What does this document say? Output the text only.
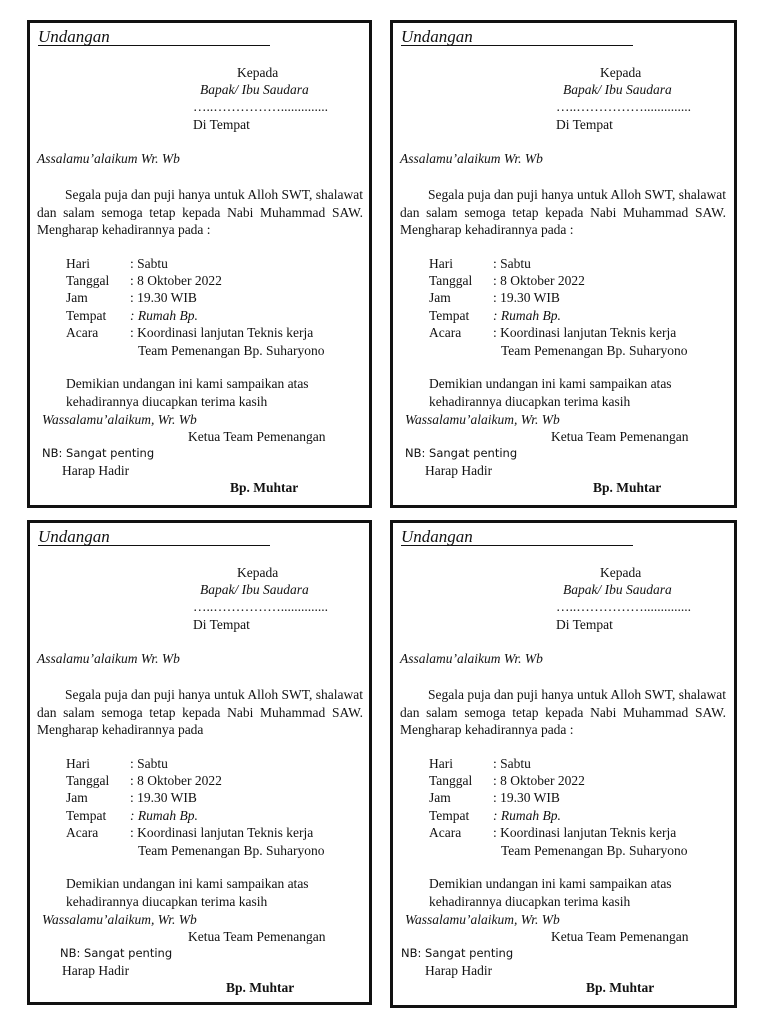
Undangan
Kepada
Bapak/ Ibu Saudara
…..……………..............
Di Tempat
Assalamu’alaikum Wr. Wb
Segala puja dan puji hanya untuk Alloh SWT, shalawat dan salam semoga tetap kepada Nabi Muhammad SAW. Mengharap kehadirannya pada :
Hari	: Sabtu
Tanggal : 8 Oktober 2022
Jam	: 19.30 WIB
Tempat : Rumah Bp.
Acara : Koordinasi lanjutan Teknis kerja
Team Pemenangan Bp. Suharyono
Demikian undangan ini kami sampaikan atas
kehadirannya diucapkan terima kasih
Wassalamu’alaikum, Wr. Wb
Ketua Team Pemenangan
NB: Sangat penting
Harap Hadir
Bp. Muhtar
Undangan
Kepada
Bapak/ Ibu Saudara
…..……………..............
Di Tempat
Assalamu’alaikum Wr. Wb
Segala puja dan puji hanya untuk Alloh SWT, shalawat dan salam semoga tetap kepada Nabi Muhammad SAW. Mengharap kehadirannya pada :
Hari	: Sabtu
Tanggal : 8 Oktober 2022
Jam	: 19.30 WIB
Tempat : Rumah Bp.
Acara : Koordinasi lanjutan Teknis kerja
Team Pemenangan Bp. Suharyono
Demikian undangan ini kami sampaikan atas
kehadirannya diucapkan terima kasih
Wassalamu’alaikum, Wr. Wb
Ketua Team Pemenangan
NB: Sangat penting
Harap Hadir
Bp. Muhtar
Undangan
Kepada
Bapak/ Ibu Saudara
…..……………..............
Di Tempat
Assalamu’alaikum Wr. Wb
Segala puja dan puji hanya untuk Alloh SWT, shalawat dan salam semoga tetap kepada Nabi Muhammad SAW. Mengharap kehadirannya pada
Hari	: Sabtu
Tanggal : 8 Oktober 2022
Jam	: 19.30 WIB
Tempat : Rumah Bp.
Acara : Koordinasi lanjutan Teknis kerja
Team Pemenangan Bp. Suharyono
Demikian undangan ini kami sampaikan atas
kehadirannya diucapkan terima kasih
Wassalamu’alaikum, Wr. Wb
Ketua Team Pemenangan
NB: Sangat penting
Harap Hadir
Bp. Muhtar
Undangan
Kepada
Bapak/ Ibu Saudara
…..……………..............
Di Tempat
Assalamu’alaikum Wr. Wb
Segala puja dan puji hanya untuk Alloh SWT, shalawat dan salam semoga tetap kepada Nabi Muhammad SAW. Mengharap kehadirannya pada :
Hari	: Sabtu
Tanggal : 8 Oktober 2022
Jam	: 19.30 WIB
Tempat : Rumah Bp.
Acara : Koordinasi lanjutan Teknis kerja
Team Pemenangan Bp. Suharyono
Demikian undangan ini kami sampaikan atas
kehadirannya diucapkan terima kasih
Wassalamu’alaikum, Wr. Wb
Ketua Team Pemenangan
NB: Sangat penting
Harap Hadir
Bp. Muhtar
